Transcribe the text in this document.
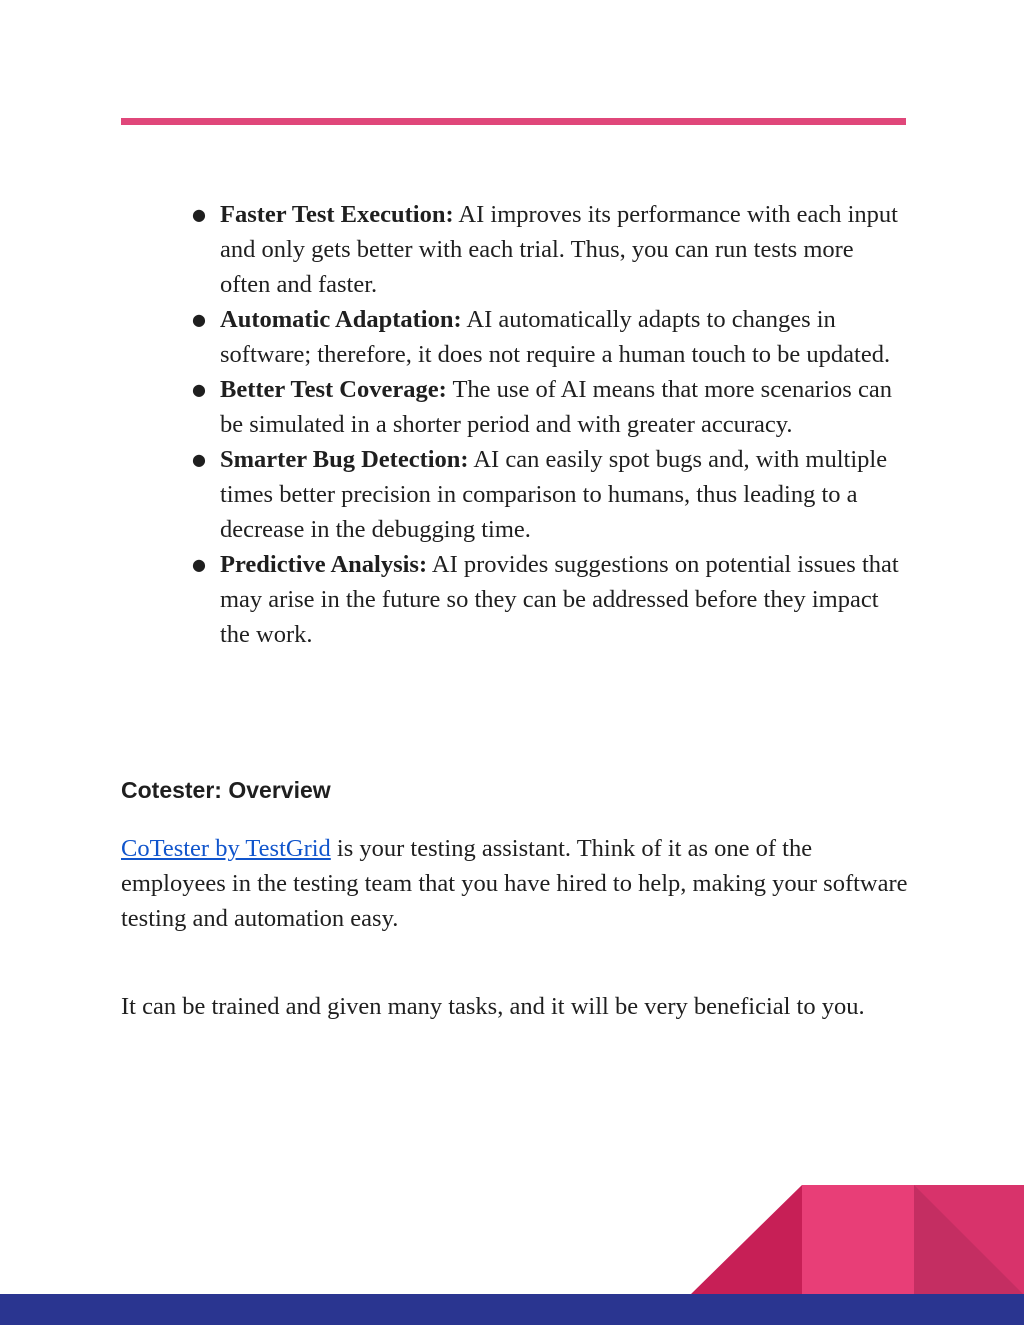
● Faster Test Execution: AI improves its performance with each input and only gets better with each trial. Thus, you can run tests more often and faster.
● Automatic Adaptation: AI automatically adapts to changes in software; therefore, it does not require a human touch to be updated.
● Better Test Coverage: The use of AI means that more scenarios can be simulated in a shorter period and with greater accuracy.
● Smarter Bug Detection: AI can easily spot bugs and, with multiple times better precision in comparison to humans, thus leading to a decrease in the debugging time.
● Predictive Analysis: AI provides suggestions on potential issues that may arise in the future so they can be addressed before they impact the work.
Cotester: Overview

CoTester by TestGrid is your testing assistant. Think of it as one of the employees in the testing team that you have hired to help, making your software testing and automation easy.

It can be trained and given many tasks, and it will be very beneficial to you.
